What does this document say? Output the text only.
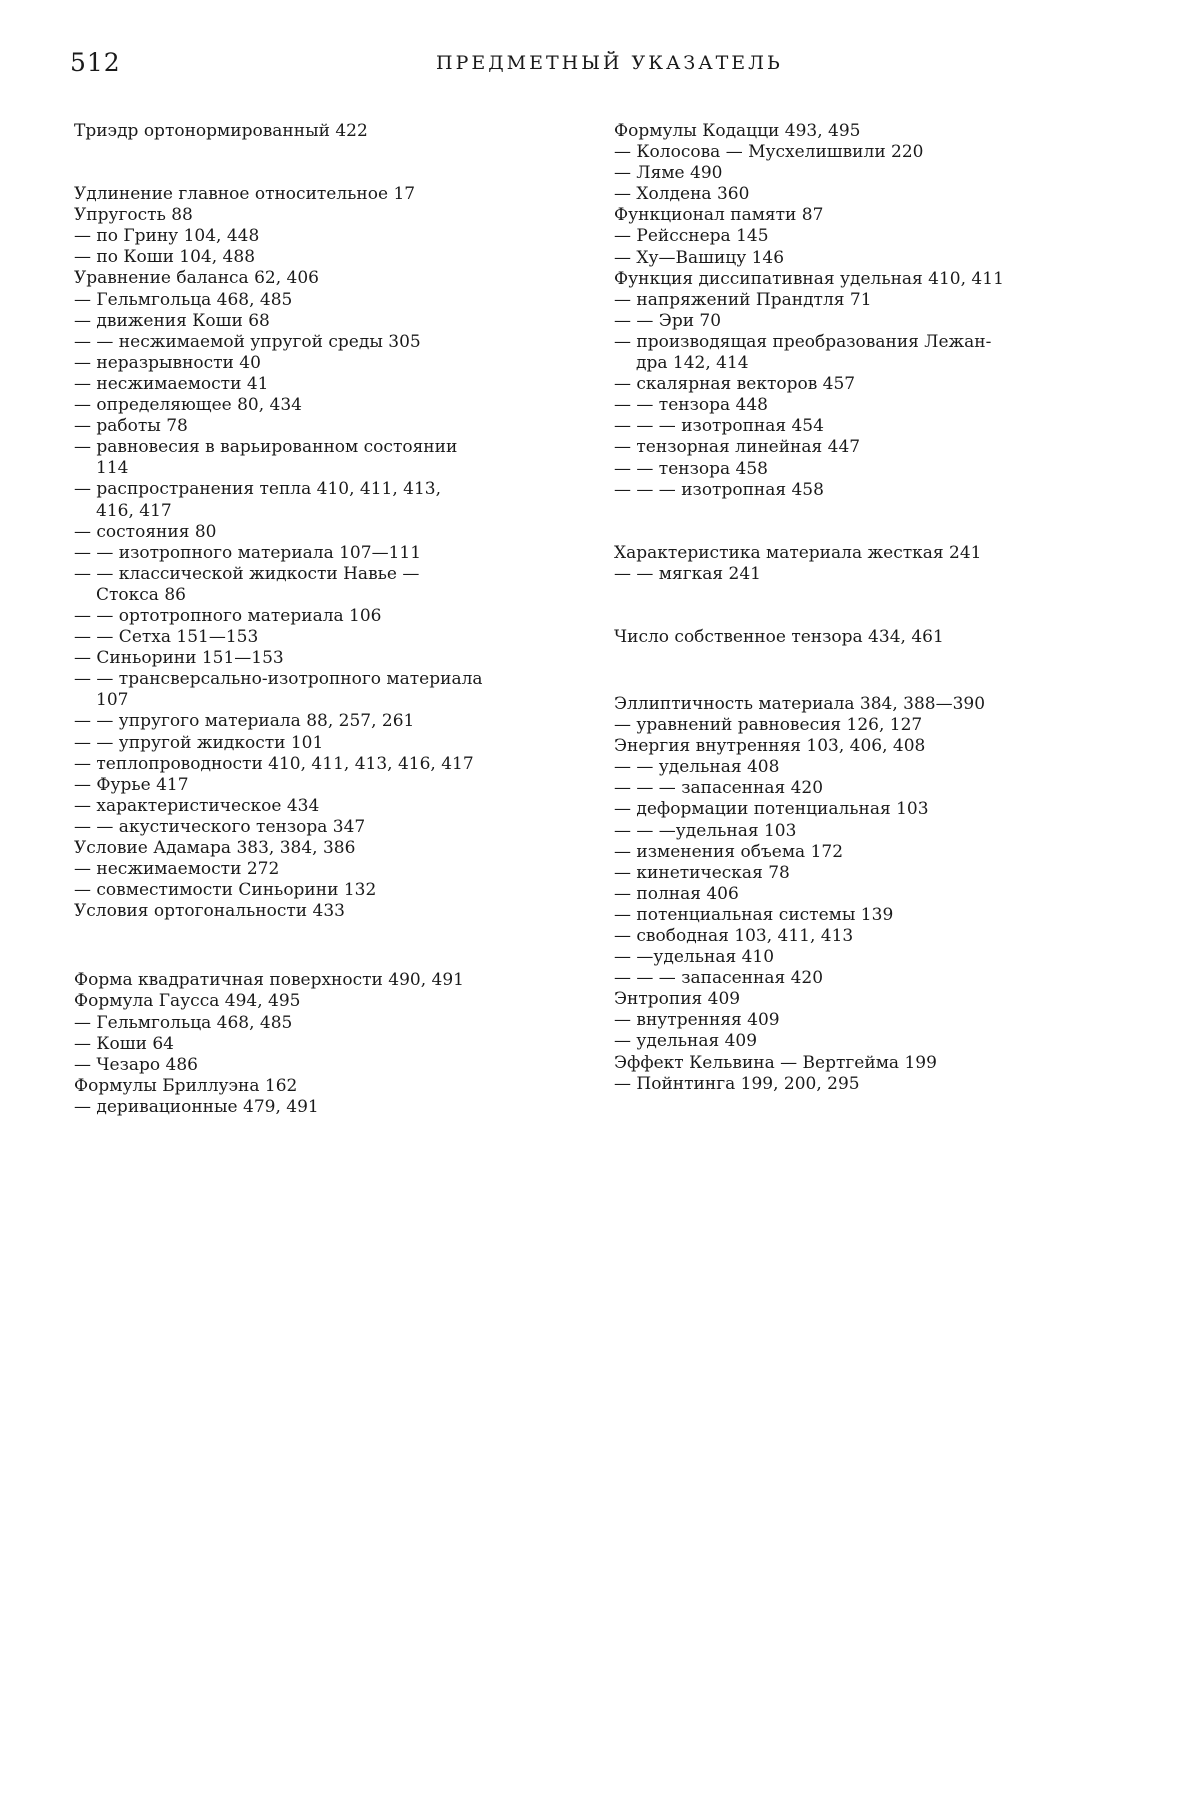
512	ПРЕДМЕТНЫЙ УКАЗАТЕЛЬ
Триэдр ортонормированный 422
Удлинение главное относительное 17
Упругость 88
— по Грину 104, 448
— по Коши 104, 488
Уравнение баланса 62, 406
— Гельмгольца 468, 485
— движения Коши 68
— — несжимаемой упругой среды 305
— неразрывности 40
— несжимаемости 41
— определяющее 80, 434
— работы 78
— равновесия в варьированном состоянии
114
— распространения тепла 410, 411, 413,
416, 417
— состояния 80
— — изотропного материала 107—111
— — классической жидкости Навье —
Стокса 86
— — ортотропного материала 106
— — Сетха 151—153
— Синьорини 151—153
— — трансверсально-изотропного материала
107
— — упругого материала 88, 257, 261
— — упругой жидкости 101
— теплопроводности 410, 411, 413, 416, 417
— Фурье 417
— характеристическое 434
— — акустического тензора 347
Условие Адамара 383, 384, 386
— несжимаемости 272
— совместимости Синьорини 132
Условия ортогональности 433
Форма квадратичная поверхности 490, 491
Формула Гаусса 494, 495
— Гельмгольца 468, 485
— Коши 64
— Чезаро 486
Формулы Бриллуэна 162
— деривационные 479, 491
Формулы Кодацци 493, 495
— Колосова — Мусхелишвили 220
— Ляме 490
— Холдена 360
Функционал памяти 87
— Рейсснера 145
— Ху—Вашицу 146
Функция диссипативная удельная 410, 411
— напряжений Прандтля 71
— — Эри 70
— производящая преобразования Лежан-
дра 142, 414
— скалярная векторов 457
— — тензора 448
— — — изотропная 454
— тензорная линейная 447
— — тензора 458
— — — изотропная 458
Характеристика материала жесткая 241
— — мягкая 241
Число собственное тензора 434, 461
Эллиптичность материала 384, 388—390
— уравнений равновесия 126, 127
Энергия внутренняя 103, 406, 408
— — удельная 408
— — — запасенная 420
— деформации потенциальная 103
— — —удельная 103
— изменения объема 172
— кинетическая 78
— полная 406
— потенциальная системы 139
— свободная 103, 411, 413
— —удельная 410
— — — запасенная 420
Энтропия 409
— внутренняя 409
— удельная 409
Эффект Кельвина — Вертгейма 199
— Пойнтинга 199, 200, 295
